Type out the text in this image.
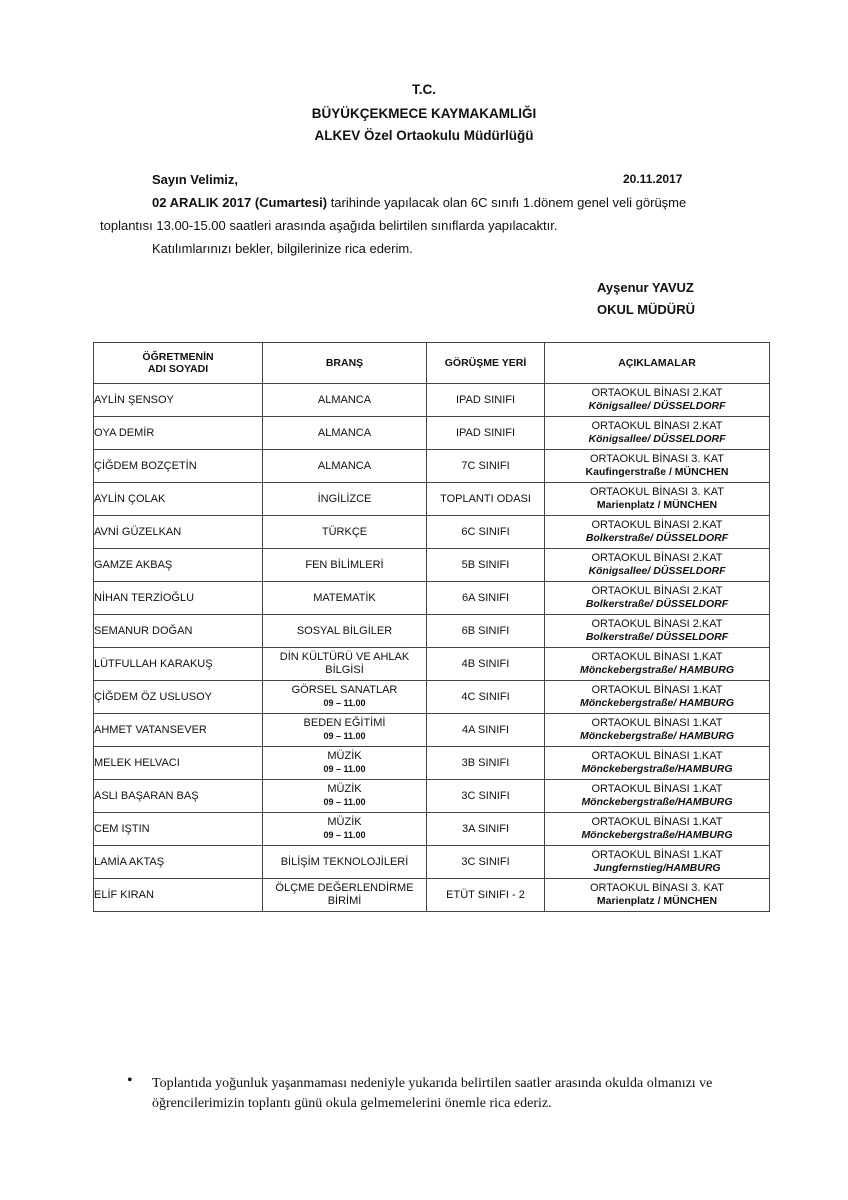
T.C.
BÜYÜKÇEKMECE KAYMAKAMLIĞI
ALKEV Özel Ortaokulu Müdürlüğü
Sayın Velimiz,	20.11.2017
02 ARALIK 2017 (Cumartesi) tarihinde yapılacak olan 6C sınıfı 1.dönem genel veli görüşme
toplantısı 13.00-15.00 saatleri arasında aşağıda belirtilen sınıflarda yapılacaktır.
Katılımlarınızı bekler, bilgilerinize rica ederim.
Ayşenur YAVUZ
OKUL MÜDÜRÜ
ÖĞRETMENİN
ADI SOYADI	BRANŞ	GÖRÜŞME YERİ	AÇIKLAMALAR
AYLİN ŞENSOY	ALMANCA	IPAD SINIFI	ORTAOKUL BİNASI 2.KAT
Königsallee/ DÜSSELDORF

OYA DEMİR	ALMANCA	IPAD SINIFI	ORTAOKUL BİNASI 2.KAT
Königsallee/ DÜSSELDORF

ÇİĞDEM BOZÇETİN	ALMANCA	7C SINIFI	ORTAOKUL BİNASI 3. KAT
Kaufingerstraße / MÜNCHEN

AYLİN ÇOLAK	İNGİLİZCE	TOPLANTI ODASI	ORTAOKUL BİNASI 3. KAT
Marienplatz / MÜNCHEN

AVNİ GÜZELKAN	TÜRKÇE	6C SINIFI	ORTAOKUL BİNASI 2.KAT
Bolkerstraße/ DÜSSELDORF

GAMZE AKBAŞ	FEN BİLİMLERİ	5B SINIFI	ORTAOKUL BİNASI 2.KAT
Königsallee/ DÜSSELDORF

NİHAN TERZİOĞLU	MATEMATİK	6A SINIFI	ORTAOKUL BİNASI 2.KAT
Bolkerstraße/ DÜSSELDORF

SEMANUR DOĞAN	SOSYAL BİLGİLER	6B SINIFI	ORTAOKUL BİNASI 2.KAT
Bolkerstraße/ DÜSSELDORF

LÜTFULLAH KARAKUŞ	DİN KÜLTÜRÜ VE AHLAK BİLGİSİ	4B SINIFI	ORTAOKUL BİNASI 1.KAT
Mönckebergstraße/ HAMBURG

ÇİĞDEM ÖZ USLUSOY	GÖRSEL SANATLAR
09 – 11.00	4C SINIFI	ORTAOKUL BİNASI 1.KAT
Mönckebergstraße/ HAMBURG

AHMET VATANSEVER	BEDEN EĞİTİMİ
09 – 11.00	4A SINIFI	ORTAOKUL BİNASI 1.KAT
Mönckebergstraße/ HAMBURG

MELEK HELVACI	MÜZİK
09 – 11.00	3B SINIFI	ORTAOKUL BİNASI 1.KAT
Mönckebergstraße/HAMBURG

ASLI BAŞARAN BAŞ	MÜZİK
09 – 11.00	3C SINIFI	ORTAOKUL BİNASI 1.KAT
Mönckebergstraße/HAMBURG

CEM IŞTIN	MÜZİK
09 – 11.00	3A SINIFI	ORTAOKUL BİNASI 1.KAT
Mönckebergstraße/HAMBURG

LAMİA AKTAŞ	BİLİŞİM TEKNOLOJİLERİ	3C SINIFI	ORTAOKUL BİNASI 1.KAT
Jungfernstieg/HAMBURG

ELİF KIRAN	ÖLÇME DEĞERLENDİRME BİRİMİ	ETÜT SINIFI - 2	ORTAOKUL BİNASI 3. KAT
Marienplatz / MÜNCHEN
• Toplantıda yoğunluk yaşanmaması nedeniyle yukarıda belirtilen saatler arasında okulda olmanızı ve öğrencilerimizin toplantı günü okula gelmemelerini önemle rica ederiz.
